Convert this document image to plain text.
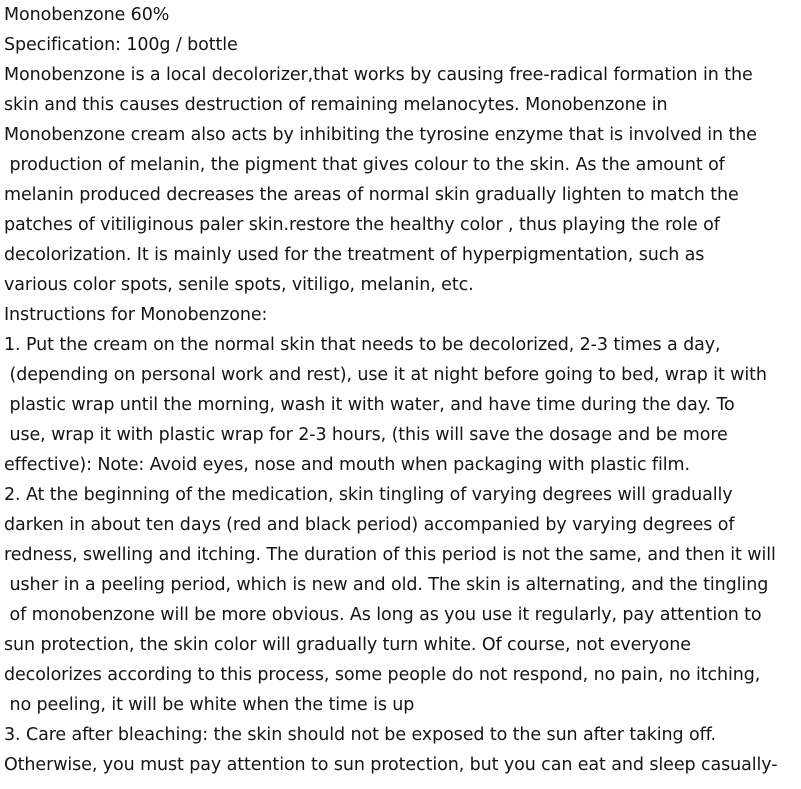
Monobenzone 60%
Specification: 100g / bottle
Monobenzone is a local decolorizer,that works by causing free-radical formation in the
skin and this causes destruction of remaining melanocytes. Monobenzone in
Monobenzone cream also acts by inhibiting the tyrosine enzyme that is involved in the
production of melanin, the pigment that gives colour to the skin. As the amount of
melanin produced decreases the areas of normal skin gradually lighten to match the
patches of vitiliginous paler skin.restore the healthy color , thus playing the role of
decolorization. It is mainly used for the treatment of hyperpigmentation, such as
various color spots, senile spots, vitiligo, melanin, etc.
Instructions for Monobenzone:
1. Put the cream on the normal skin that needs to be decolorized, 2-3 times a day,
(depending on personal work and rest), use it at night before going to bed, wrap it with
plastic wrap until the morning, wash it with water, and have time during the day. To
use, wrap it with plastic wrap for 2-3 hours, (this will save the dosage and be more
effective): Note: Avoid eyes, nose and mouth when packaging with plastic film.
2. At the beginning of the medication, skin tingling of varying degrees will gradually
darken in about ten days (red and black period) accompanied by varying degrees of
redness, swelling and itching. The duration of this period is not the same, and then it will
usher in a peeling period, which is new and old. The skin is alternating, and the tingling
of monobenzone will be more obvious. As long as you use it regularly, pay attention to
sun protection, the skin color will gradually turn white. Of course, not everyone
decolorizes according to this process, some people do not respond, no pain, no itching,
no peeling, it will be white when the time is up
3. Care after bleaching: the skin should not be exposed to the sun after taking off.
Otherwise, you must pay attention to sun protection, but you can eat and sleep casually-
